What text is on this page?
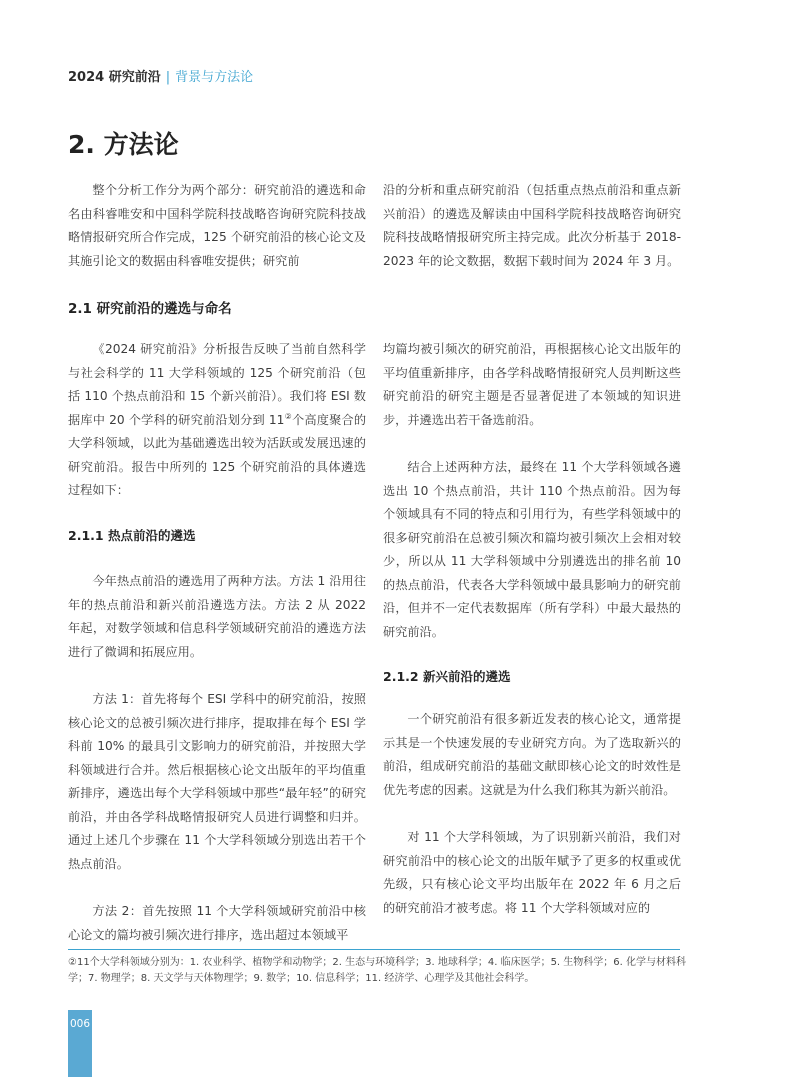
2024 研究前沿 | 背景与方法论
2. 方法论

整个分析工作分为两个部分：研究前沿的遴选和命名由科睿唯安和中国科学院科技战略咨询研究院科技战略情报研究所合作完成，125 个研究前沿的核心论文及其施引论文的数据由科睿唯安提供；研究前

沿的分析和重点研究前沿（包括重点热点前沿和重点新兴前沿）的遴选及解读由中国科学院科技战略咨询研究院科技战略情报研究所主持完成。此次分析基于 2018-2023 年的论文数据，数据下载时间为 2024 年 3 月。

2.1 研究前沿的遴选与命名

《2024 研究前沿》分析报告反映了当前自然科学与社会科学的 11 大学科领域的 125 个研究前沿（包括 110 个热点前沿和 15 个新兴前沿）。我们将 ESI 数据库中 20 个学科的研究前沿划分到 11②个高度聚合的大学科领域，以此为基础遴选出较为活跃或发展迅速的研究前沿。报告中所列的 125 个研究前沿的具体遴选过程如下：

2.1.1 热点前沿的遴选

今年热点前沿的遴选用了两种方法。方法 1 沿用往年的热点前沿和新兴前沿遴选方法。方法 2 从 2022 年起，对数学领域和信息科学领域研究前沿的遴选方法进行了微调和拓展应用。

方法 1：首先将每个 ESI 学科中的研究前沿，按照核心论文的总被引频次进行排序，提取排在每个 ESI 学科前 10% 的最具引文影响力的研究前沿，并按照大学科领域进行合并。然后根据核心论文出版年的平均值重新排序，遴选出每个大学科领域中那些“最年轻”的研究前沿，并由各学科战略情报研究人员进行调整和归并。通过上述几个步骤在 11 个大学科领域分别选出若干个热点前沿。

方法 2：首先按照 11 个大学科领域研究前沿中核心论文的篇均被引频次进行排序，选出超过本领域平

均篇均被引频次的研究前沿，再根据核心论文出版年的平均值重新排序，由各学科战略情报研究人员判断这些研究前沿的研究主题是否显著促进了本领域的知识进步，并遴选出若干备选前沿。

结合上述两种方法，最终在 11 个大学科领域各遴选出 10 个热点前沿，共计 110 个热点前沿。因为每个领域具有不同的特点和引用行为，有些学科领域中的很多研究前沿在总被引频次和篇均被引频次上会相对较少，所以从 11 大学科领域中分别遴选出的排名前 10 的热点前沿，代表各大学科领域中最具影响力的研究前沿，但并不一定代表数据库（所有学科）中最大最热的研究前沿。

2.1.2 新兴前沿的遴选

一个研究前沿有很多新近发表的核心论文，通常提示其是一个快速发展的专业研究方向。为了选取新兴的前沿，组成研究前沿的基础文献即核心论文的时效性是优先考虑的因素。这就是为什么我们称其为新兴前沿。

对 11 个大学科领域，为了识别新兴前沿，我们对研究前沿中的核心论文的出版年赋予了更多的权重或优先级，只有核心论文平均出版年在 2022 年 6 月之后的研究前沿才被考虑。将 11 个大学科领域对应的

②11个大学科领域分别为：1. 农业科学、植物学和动物学；2. 生态与环境科学；3. 地球科学；4. 临床医学；5. 生物科学；6. 化学与材料科学；7. 物理学；8. 天文学与天体物理学；9. 数学；10. 信息科学；11. 经济学、心理学及其他社会科学。
006
